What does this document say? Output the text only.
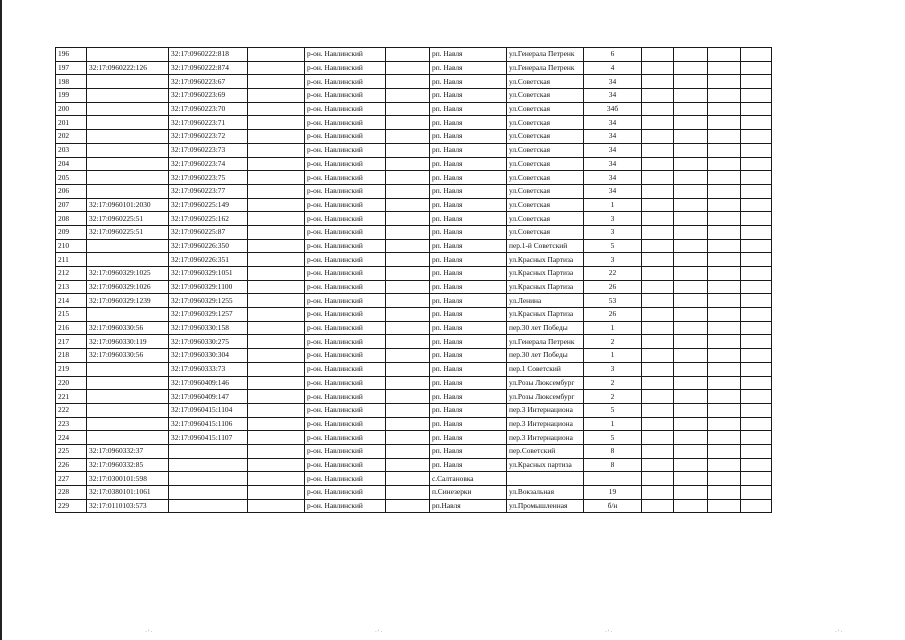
196		32:17:0960222:818		р-он. Навлинский		рп. Навля	ул.Генерала Петренк	6				
197	32:17:0960222:126	32:17:0960222:874		р-он. Навлинский		рп. Навля	ул.Генерала Петренк	4				
198		32:17:0960223:67		р-он. Навлинский		рп. Навля	ул.Советская	34				
199		32:17:0960223:69		р-он. Навлинский		рп. Навля	ул.Советская	34				
200		32:17:0960223:70		р-он. Навлинский		рп. Навля	ул.Советская	34б				
201		32:17:0960223:71		р-он. Навлинский		рп. Навля	ул.Советская	34				
202		32:17:0960223:72		р-он. Навлинский		рп. Навля	ул.Советская	34				
203		32:17:0960223:73		р-он. Навлинский		рп. Навля	ул.Советская	34				
204		32:17:0960223:74		р-он. Навлинский		рп. Навля	ул.Советская	34				
205		32:17:0960223:75		р-он. Навлинский		рп. Навля	ул.Советская	34				
206		32:17:0960223:77		р-он. Навлинский		рп. Навля	ул.Советская	34				
207	32:17:0960101:2030	32:17:0960225:149		р-он. Навлинский		рп. Навля	ул.Советская	1				
208	32:17:0960225:51	32:17:0960225:162		р-он. Навлинский		рп. Навля	ул.Советская	3				
209	32:17:0960225:51	32:17:0960225:87		р-он. Навлинский		рп. Навля	ул.Советская	3				
210		32:17:0960226:350		р-он. Навлинский		рп. Навля	пер.1-й Советский	5				
211		32:17:0960226:351		р-он. Навлинский		рп. Навля	ул.Красных Партиза	3				
212	32:17:0960329:1025	32:17:0960329:1051		р-он. Навлинский		рп. Навля	ул.Красных Партиза	22				
213	32:17:0960329:1026	32:17:0960329:1100		р-он. Навлинский		рп. Навля	ул.Красных Партиза	26				
214	32:17:0960329:1239	32:17:0960329:1255		р-он. Навлинский		рп. Навля	ул.Ленина	53				
215		32:17:0960329:1257		р-он. Навлинский		рп. Навля	ул.Красных Партиза	26				
216	32:17:0960330:56	32:17:0960330:158		р-он. Навлинский		рп. Навля	пер.30 лет Победы	1				
217	32:17:0960330:119	32:17:0960330:275		р-он. Навлинский		рп. Навля	ул.Генерала Петренк	2				
218	32:17:0960330:56	32:17:0960330:304		р-он. Навлинский		рп. Навля	пер.30 лет Победы	1				
219		32:17:0960333:73		р-он. Навлинский		рп. Навля	пер.1 Советский	3				
220		32:17:0960409:146		р-он. Навлинский		рп. Навля	ул.Розы Люксембург	2				
221		32:17:0960409:147		р-он. Навлинский		рп. Навля	ул.Розы Люксембург	2				
222		32:17:0960415:1104		р-он. Навлинский		рп. Навля	пер.3 Интернациона	5				
223		32:17:0960415:1106		р-он. Навлинский		рп. Навля	пер.3 Интернациона	1				
224		32:17:0960415:1107		р-он. Навлинский		рп. Навля	пер.3 Интернациона	5				
225	32:17:0960332:37			р-он. Навлинский		рп. Навля	пер.Советский	8				
226	32:17:0960332:85			р-он. Навлинский		рп. Навля	ул.Красных партиза	8				
227	32:17:0300101:598			р-он. Навлинский		с.Салтановка						
228	32:17:0380101:1061			р-он. Навлинский		п.Синезерки	ул.Вокзальная	19				
229	32:17:0110103:573			р-он. Навлинский		рп.Навля	ул.Промышленная	б/н				
·'·	·'·	·'·	·'·
